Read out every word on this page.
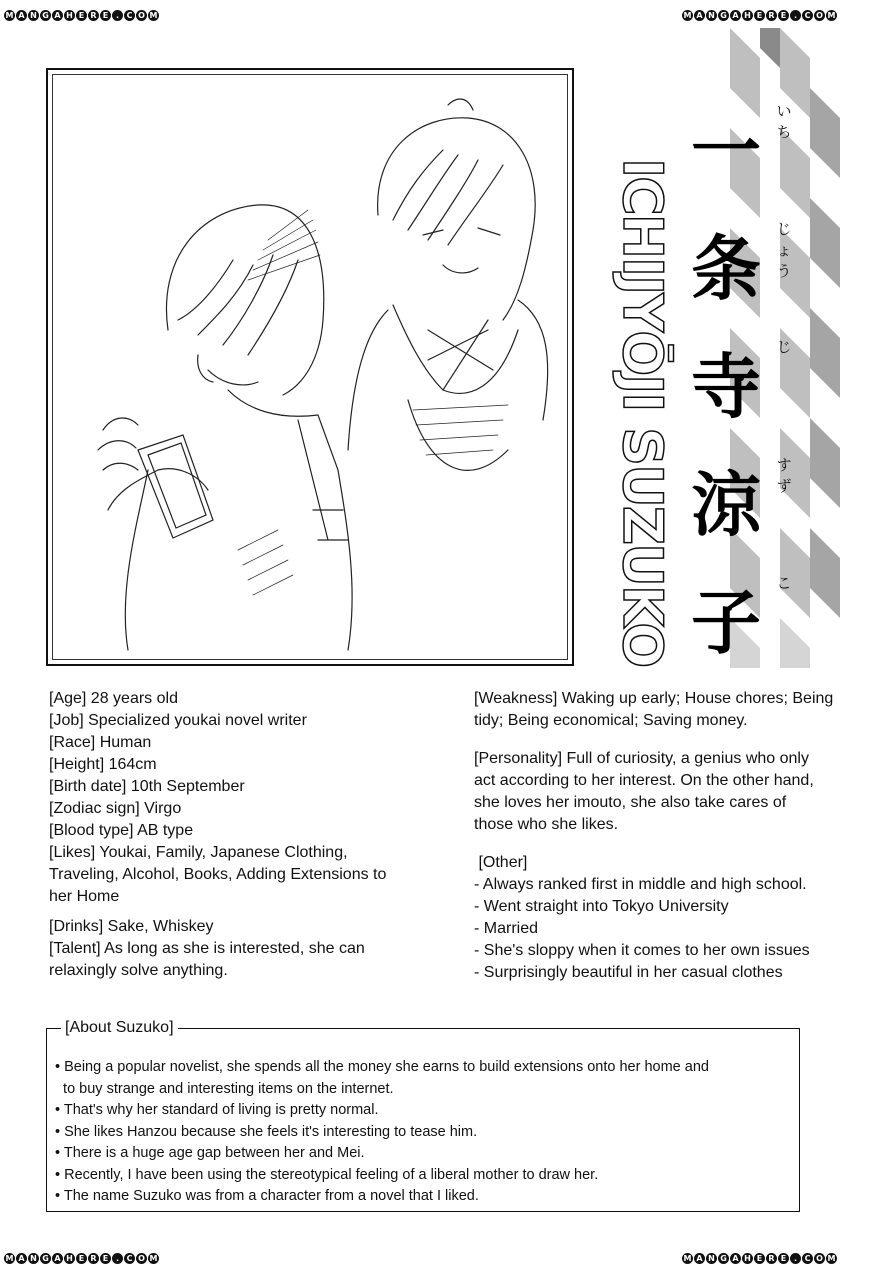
M A N G A H E R E . C O M	M A N G A H E R E . C O M
M A N G A H E R E . C O M	M A N G A H E R E . C O M
ICHIJYŌJI SUZUKO
一
条
寺
涼
子
いち
じょう
じ
すず
こ
[Age] 28 years old
[Job] Specialized youkai novel writer
[Race] Human
[Height] 164cm
[Birth date] 10th September
[Zodiac sign] Virgo
[Blood type] AB type
[Likes] Youkai, Family, Japanese Clothing,
Traveling, Alcohol, Books, Adding Extensions to
her Home
[Drinks] Sake, Whiskey
[Talent] As long as she is interested, she can
relaxingly solve anything.
[Weakness] Waking up early; House chores; Being
tidy; Being economical; Saving money.
[Personality] Full of curiosity, a genius who only
act according to her interest. On the other hand,
she loves her imouto, she also take cares of
those who she likes.
[Other]
- Always ranked first in middle and high school.
- Went straight into Tokyo University
- Married
- She's sloppy when it comes to her own issues
- Surprisingly beautiful in her casual clothes
[About Suzuko]
• Being a popular novelist, she spends all the money she earns to build extensions onto her home and
to buy strange and interesting items on the internet.
• That's why her standard of living is pretty normal.
• She likes Hanzou because she feels it's interesting to tease him.
• There is a huge age gap between her and Mei.
• Recently, I have been using the stereotypical feeling of a liberal mother to draw her.
• The name Suzuko was from a character from a novel that I liked.
